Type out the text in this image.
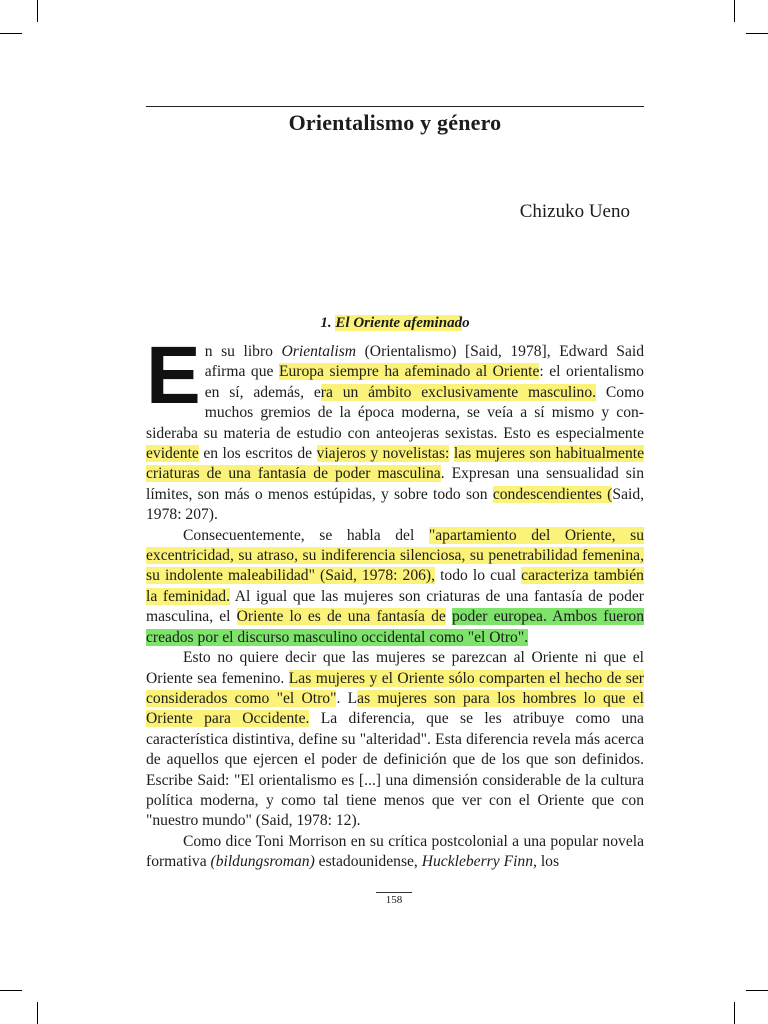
Orientalismo y género
Chizuko Ueno
1. El Oriente afeminado

En su libro Orientalism (Orientalismo) [Said, 1978], Edward Said afirma que Europa siempre ha afeminado al Oriente: el orientalismo en sí, además, era un ámbito exclusivamente masculino. Como muchos gremios de la época moderna, se veía a sí mismo y consideraba su materia de estudio con anteojeras sexistas. Esto es especialmente evidente en los escritos de viajeros y novelistas: las mujeres son habitualmente criaturas de una fantasía de poder masculina. Expresan una sensualidad sin límites, son más o menos estúpidas, y sobre todo son condescendientes (Said, 1978: 207).

Consecuentemente, se habla del "apartamiento del Oriente, su excentricidad, su atraso, su indiferencia silenciosa, su penetrabilidad femenina, su indolente maleabilidad" (Said, 1978: 206), todo lo cual caracteriza también la feminidad. Al igual que las mujeres son criaturas de una fantasía de poder masculina, el Oriente lo es de una fantasía de poder europea. Ambos fueron creados por el discurso masculino occidental como "el Otro".

Esto no quiere decir que las mujeres se parezcan al Oriente ni que el Oriente sea femenino. Las mujeres y el Oriente sólo comparten el hecho de ser considerados como "el Otro". Las mujeres son para los hombres lo que el Oriente para Occidente. La diferencia, que se les atribuye como una característica distintiva, define su "alteridad". Esta diferencia revela más acerca de aquellos que ejercen el poder de definición que de los que son definidos. Escribe Said: "El orientalismo es [...] una dimensión considerable de la cultura política moderna, y como tal tiene menos que ver con el Oriente que con "nuestro mundo" (Said, 1978: 12).

Como dice Toni Morrison en su crítica postcolonial a una popular novela formativa (bildungsroman) estadounidense, Huckleberry Finn, los

158
